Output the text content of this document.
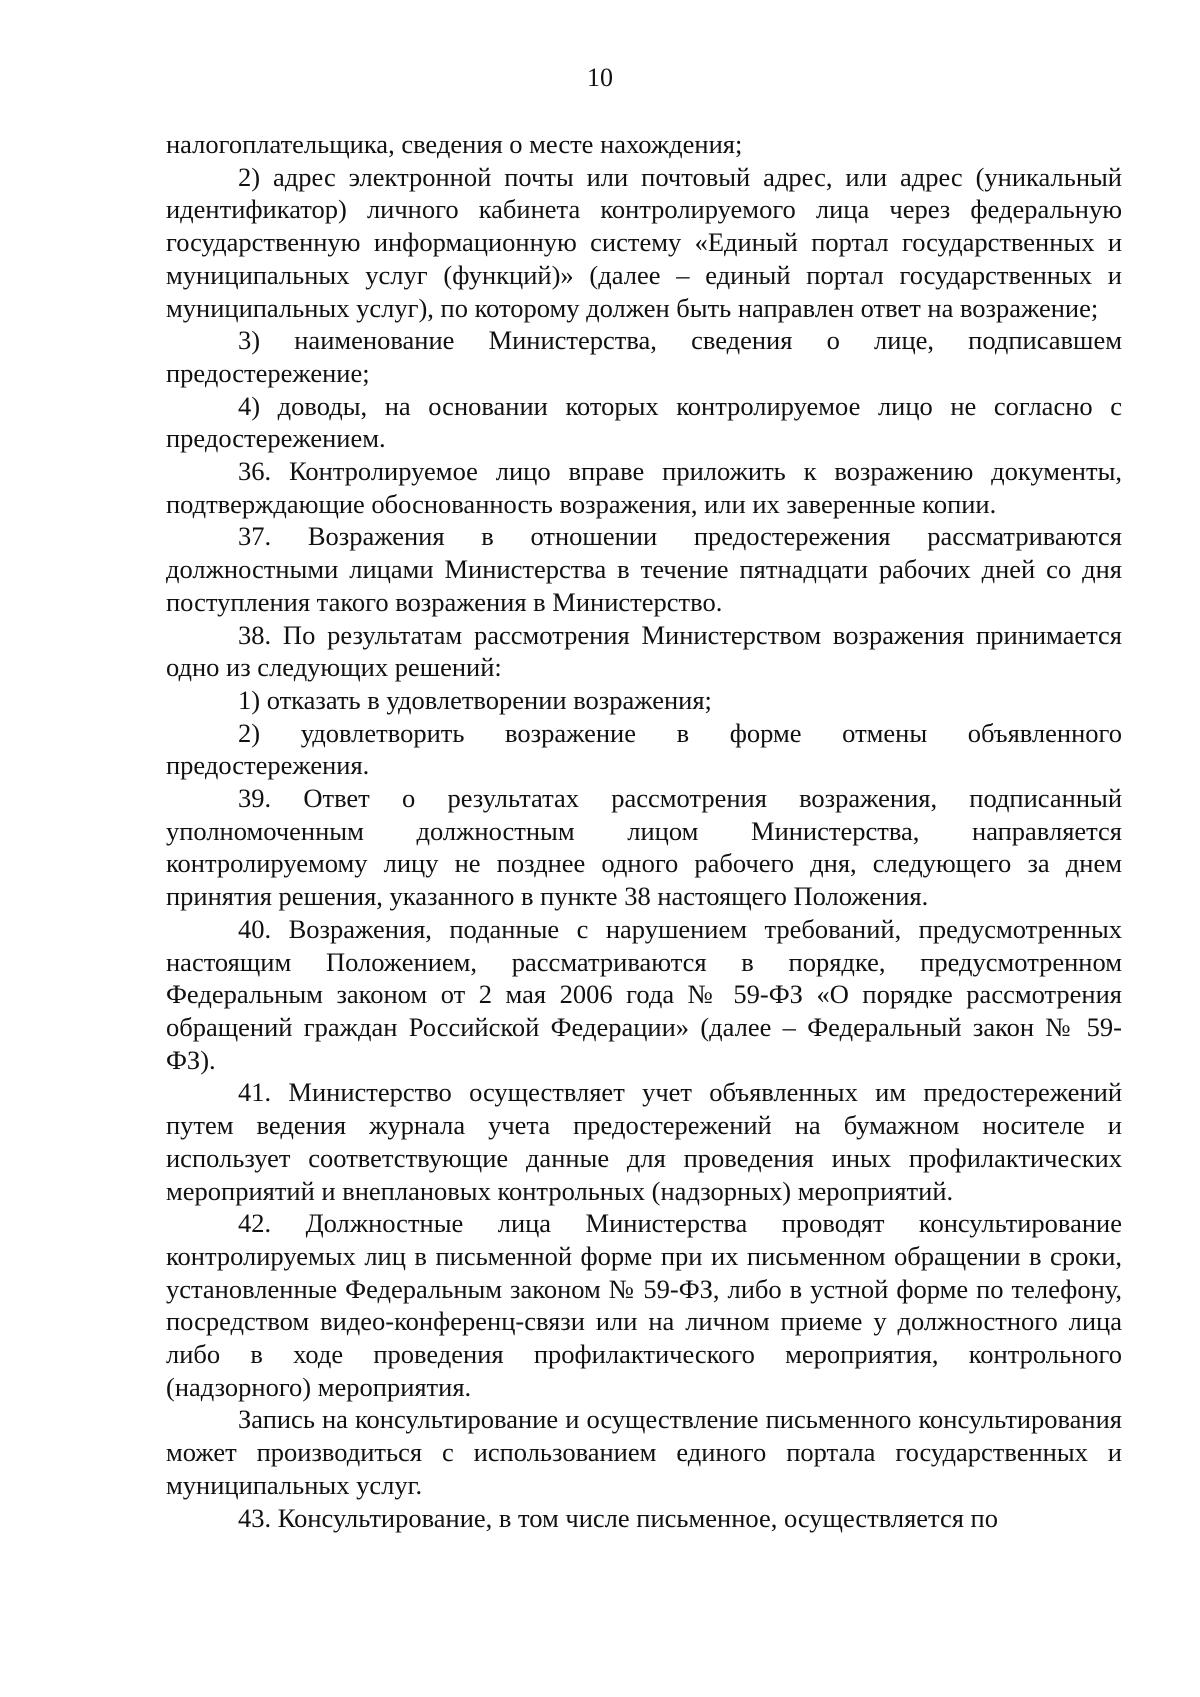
10

налогоплательщика, сведения о месте нахождения;

2) адрес электронной почты или почтовый адрес, или адрес (уникальный идентификатор) личного кабинета контролируемого лица через федеральную государственную информационную систему «Единый портал государственных и муниципальных услуг (функций)» (далее – единый портал государственных и муниципальных услуг), по которому должен быть направлен ответ на возражение;

3) наименование Министерства, сведения о лице, подписавшем предостережение;

4) доводы, на основании которых контролируемое лицо не согласно с предостережением.

36. Контролируемое лицо вправе приложить к возражению документы, подтверждающие обоснованность возражения, или их заверенные копии.

37. Возражения в отношении предостережения рассматриваются должностными лицами Министерства в течение пятнадцати рабочих дней со дня поступления такого возражения в Министерство.

38. По результатам рассмотрения Министерством возражения принимается одно из следующих решений:

1) отказать в удовлетворении возражения;

2) удовлетворить возражение в форме отмены объявленного предостережения.

39. Ответ о результатах рассмотрения возражения, подписанный уполномоченным должностным лицом Министерства, направляется контролируемому лицу не позднее одного рабочего дня, следующего за днем принятия решения, указанного в пункте 38 настоящего Положения.

40. Возражения, поданные с нарушением требований, предусмотренных настоящим Положением, рассматриваются в порядке, предусмотренном Федеральным законом от 2 мая 2006 года № 59-ФЗ «О порядке рассмотрения обращений граждан Российской Федерации» (далее – Федеральный закон № 59-ФЗ).

41. Министерство осуществляет учет объявленных им предостережений путем ведения журнала учета предостережений на бумажном носителе и использует соответствующие данные для проведения иных профилактических мероприятий и внеплановых контрольных (надзорных) мероприятий.

42. Должностные лица Министерства проводят консультирование контролируемых лиц в письменной форме при их письменном обращении в сроки, установленные Федеральным законом № 59-ФЗ, либо в устной форме по телефону, посредством видео-конференц-связи или на личном приеме у должностного лица либо в ходе проведения профилактического мероприятия, контрольного (надзорного) мероприятия.

Запись на консультирование и осуществление письменного консультирования может производиться с использованием единого портала государственных и муниципальных услуг.

43. Консультирование, в том числе письменное, осуществляется по
